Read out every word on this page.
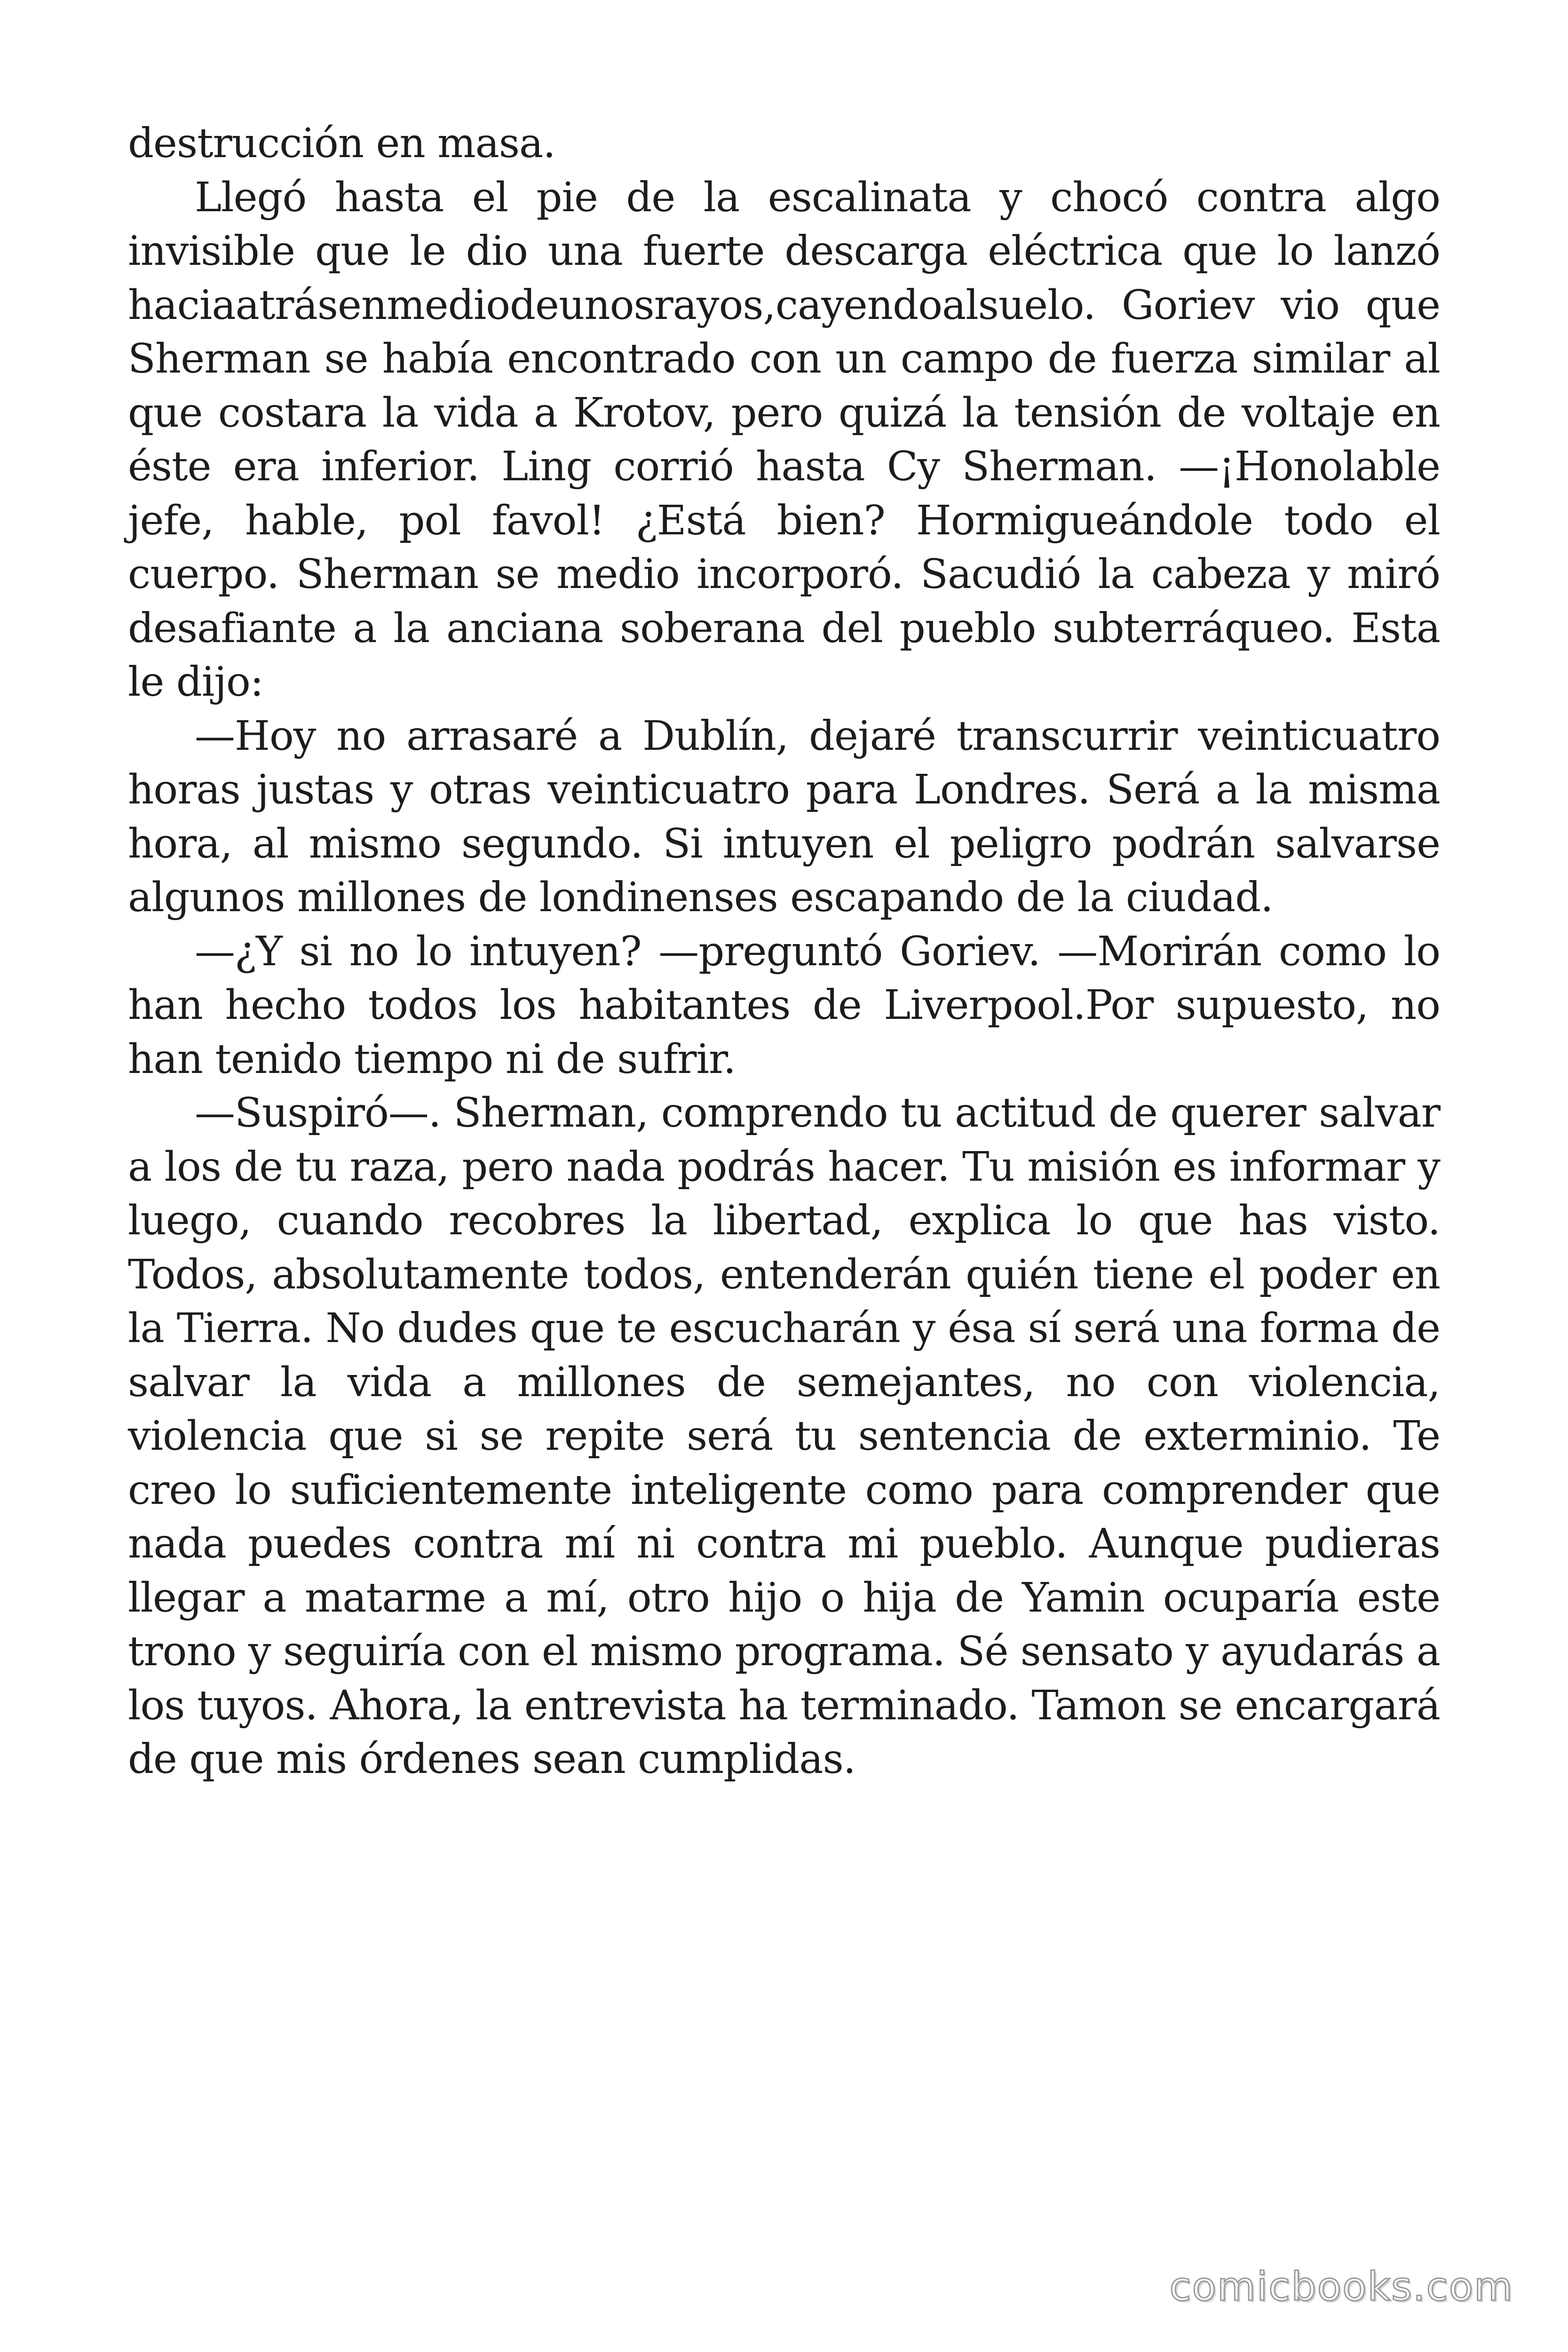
destrucción en masa.

Llegó hasta el pie de la escalinata y chocó contra algo invisible que le dio una fuerte descarga eléctrica que lo lanzó haciaatrásenmediodeunosrayos,cayendoalsuelo. Goriev vio que Sherman se había encontrado con un campo de fuerza similar al que costara la vida a Krotov, pero quizá la tensión de voltaje en éste era inferior. Ling corrió hasta Cy Sherman. —¡Honolable jefe, hable, pol favol! ¿Está bien? Hormigueándole todo el cuerpo. Sherman se medio incorporó. Sacudió la cabeza y miró desafiante a la anciana soberana del pueblo subterráqueo. Esta le dijo:

—Hoy no arrasaré a Dublín, dejaré transcurrir veinticuatro horas justas y otras veinticuatro para Londres. Será a la misma hora, al mismo segundo. Si intuyen el peligro podrán salvarse algunos millones de londinenses escapando de la ciudad.

—¿Y si no lo intuyen? —preguntó Goriev. —Morirán como lo han hecho todos los habitantes de Liverpool.Por supuesto, no han tenido tiempo ni de sufrir.

—Suspiró—. Sherman, comprendo tu actitud de querer salvar a los de tu raza, pero nada podrás hacer. Tu misión es informar y luego, cuando recobres la libertad, explica lo que has visto. Todos, absolutamente todos, entenderán quién tiene el poder en la Tierra. No dudes que te escucharán y ésa sí será una forma de salvar la vida a millones de semejantes, no con violencia, violencia que si se repite será tu sentencia de exterminio. Te creo lo suficientemente inteligente como para comprender que nada puedes contra mí ni contra mi pueblo. Aunque pudieras llegar a matarme a mí, otro hijo o hija de Yamin ocuparía este trono y seguiría con el mismo programa. Sé sensato y ayudarás a los tuyos. Ahora, la entrevista ha terminado. Tamon se encargará de que mis órdenes sean cumplidas.

comicbooks.com
